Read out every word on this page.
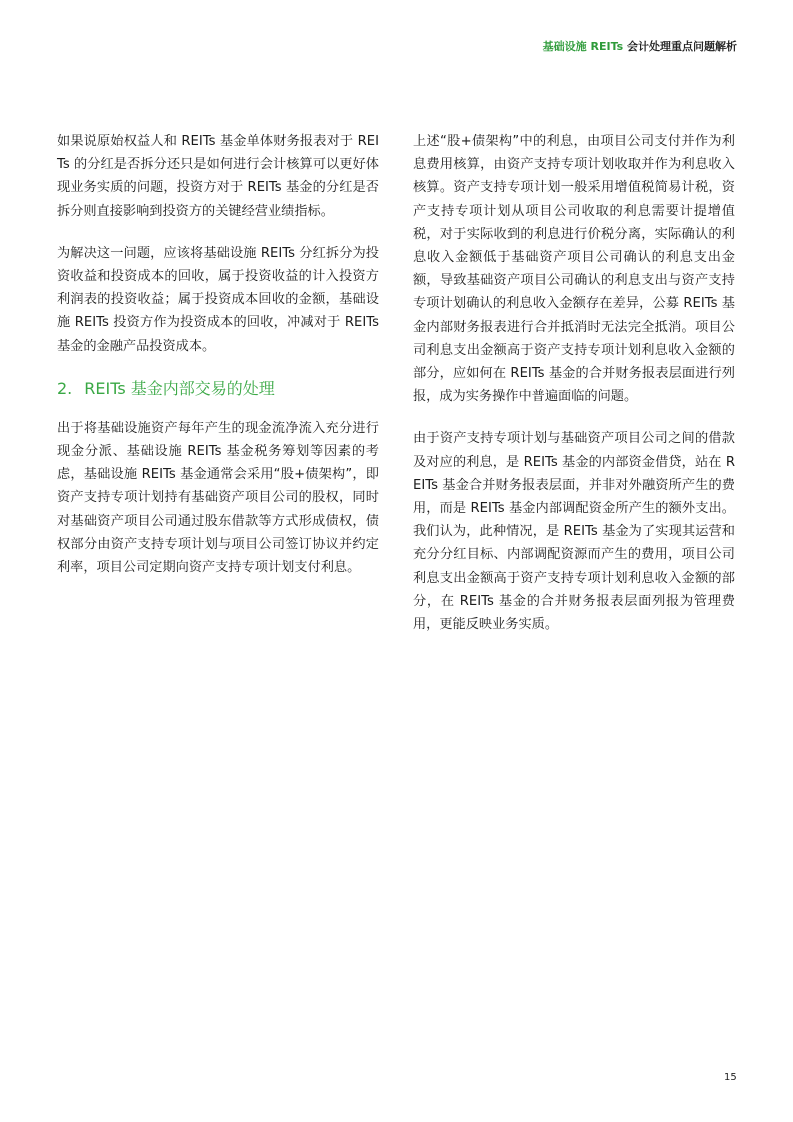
基础设施 REITs 会计处理重点问题解析

如果说原始权益人和 REITs 基金单体财务报表对于 REITs 的分红是否拆分还只是如何进行会计核算可以更好体现业务实质的问题，投资方对于 REITs 基金的分红是否拆分则直接影响到投资方的关键经营业绩指标。

为解决这一问题，应该将基础设施 REITs 分红拆分为投资收益和投资成本的回收，属于投资收益的计入投资方利润表的投资收益；属于投资成本回收的金额，基础设施 REITs 投资方作为投资成本的回收，冲减对于 REITs 基金的金融产品投资成本。

2. REITs 基金内部交易的处理

出于将基础设施资产每年产生的现金流净流入充分进行现金分派、基础设施 REITs 基金税务筹划等因素的考虑，基础设施 REITs 基金通常会采用“股+债架构”，即资产支持专项计划持有基础资产项目公司的股权，同时对基础资产项目公司通过股东借款等方式形成债权，债权部分由资产支持专项计划与项目公司签订协议并约定利率，项目公司定期向资产支持专项计划支付利息。

上述“股+债架构”中的利息，由项目公司支付并作为利息费用核算，由资产支持专项计划收取并作为利息收入核算。资产支持专项计划一般采用增值税简易计税，资产支持专项计划从项目公司收取的利息需要计提增值税，对于实际收到的利息进行价税分离，实际确认的利息收入金额低于基础资产项目公司确认的利息支出金额，导致基础资产项目公司确认的利息支出与资产支持专项计划确认的利息收入金额存在差异，公募 REITs 基金内部财务报表进行合并抵消时无法完全抵消。项目公司利息支出金额高于资产支持专项计划利息收入金额的部分，应如何在 REITs 基金的合并财务报表层面进行列报，成为实务操作中普遍面临的问题。

由于资产支持专项计划与基础资产项目公司之间的借款及对应的利息，是 REITs 基金的内部资金借贷，站在 REITs 基金合并财务报表层面，并非对外融资所产生的费用，而是 REITs 基金内部调配资金所产生的额外支出。我们认为，此种情况，是 REITs 基金为了实现其运营和充分分红目标、内部调配资源而产生的费用，项目公司利息支出金额高于资产支持专项计划利息收入金额的部分，在 REITs 基金的合并财务报表层面列报为管理费用，更能反映业务实质。

15
